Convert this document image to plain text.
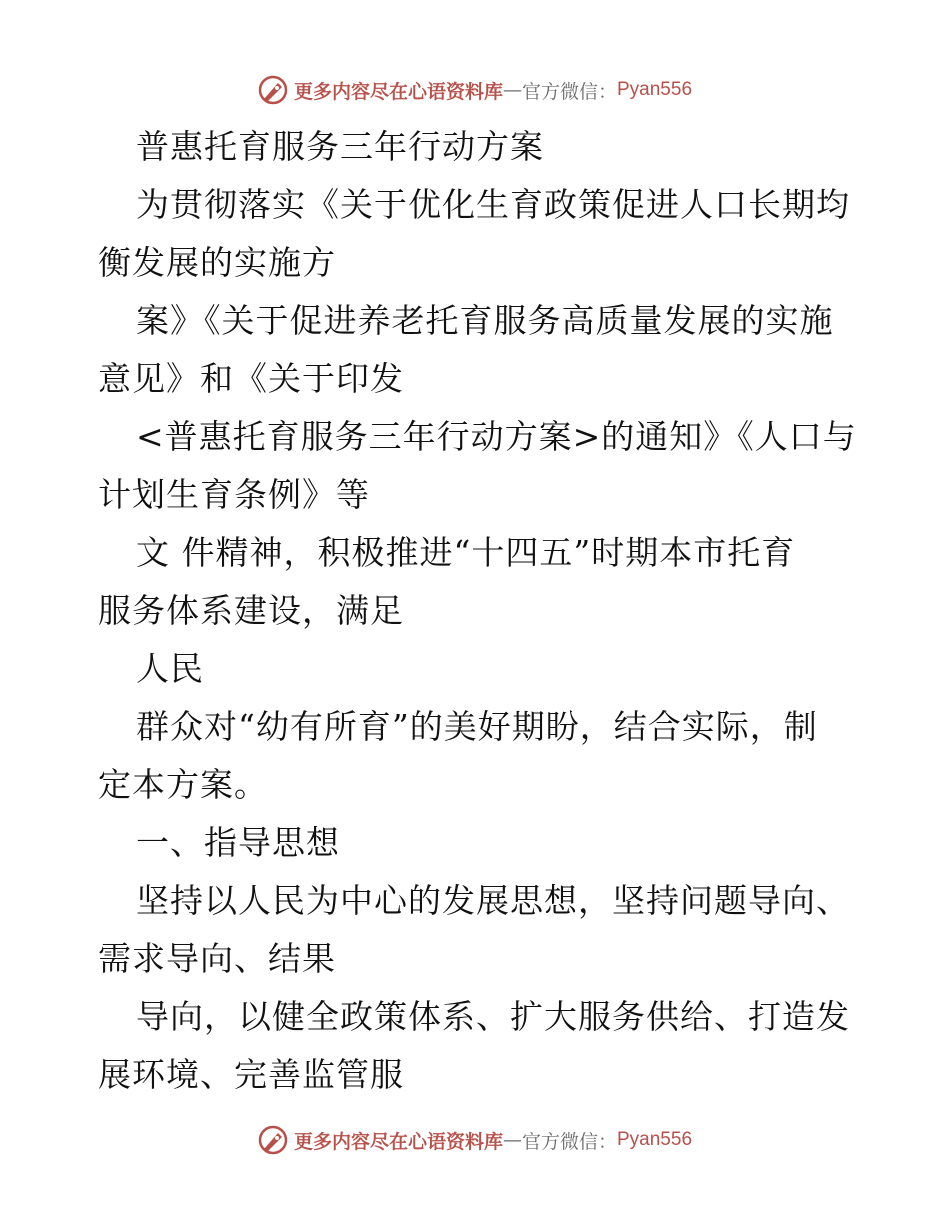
更多内容尽在心语资料库 — 官方微信： Pyan556
普惠托育服务三年行动方案
为贯彻落实《关于优化生育政策促进人口长期均
衡发展的实施方
案》《关于促进养老托育服务高质量发展的实施
意见》和《关于印发
<普惠托育服务三年行动方案>的通知》《人口与
计划生育条例》等
文 件精神，积极推进“十四五”时期本市托育
服务体系建设，满足
人民
群众对“幼有所育”的美好期盼，结合实际，制
定本方案。
一、指导思想
坚持以人民为中心的发展思想，坚持问题导向、
需求导向、结果
导向，以健全政策体系、扩大服务供给、打造发
展环境、完善监管服
更多内容尽在心语资料库 — 官方微信： Pyan556
